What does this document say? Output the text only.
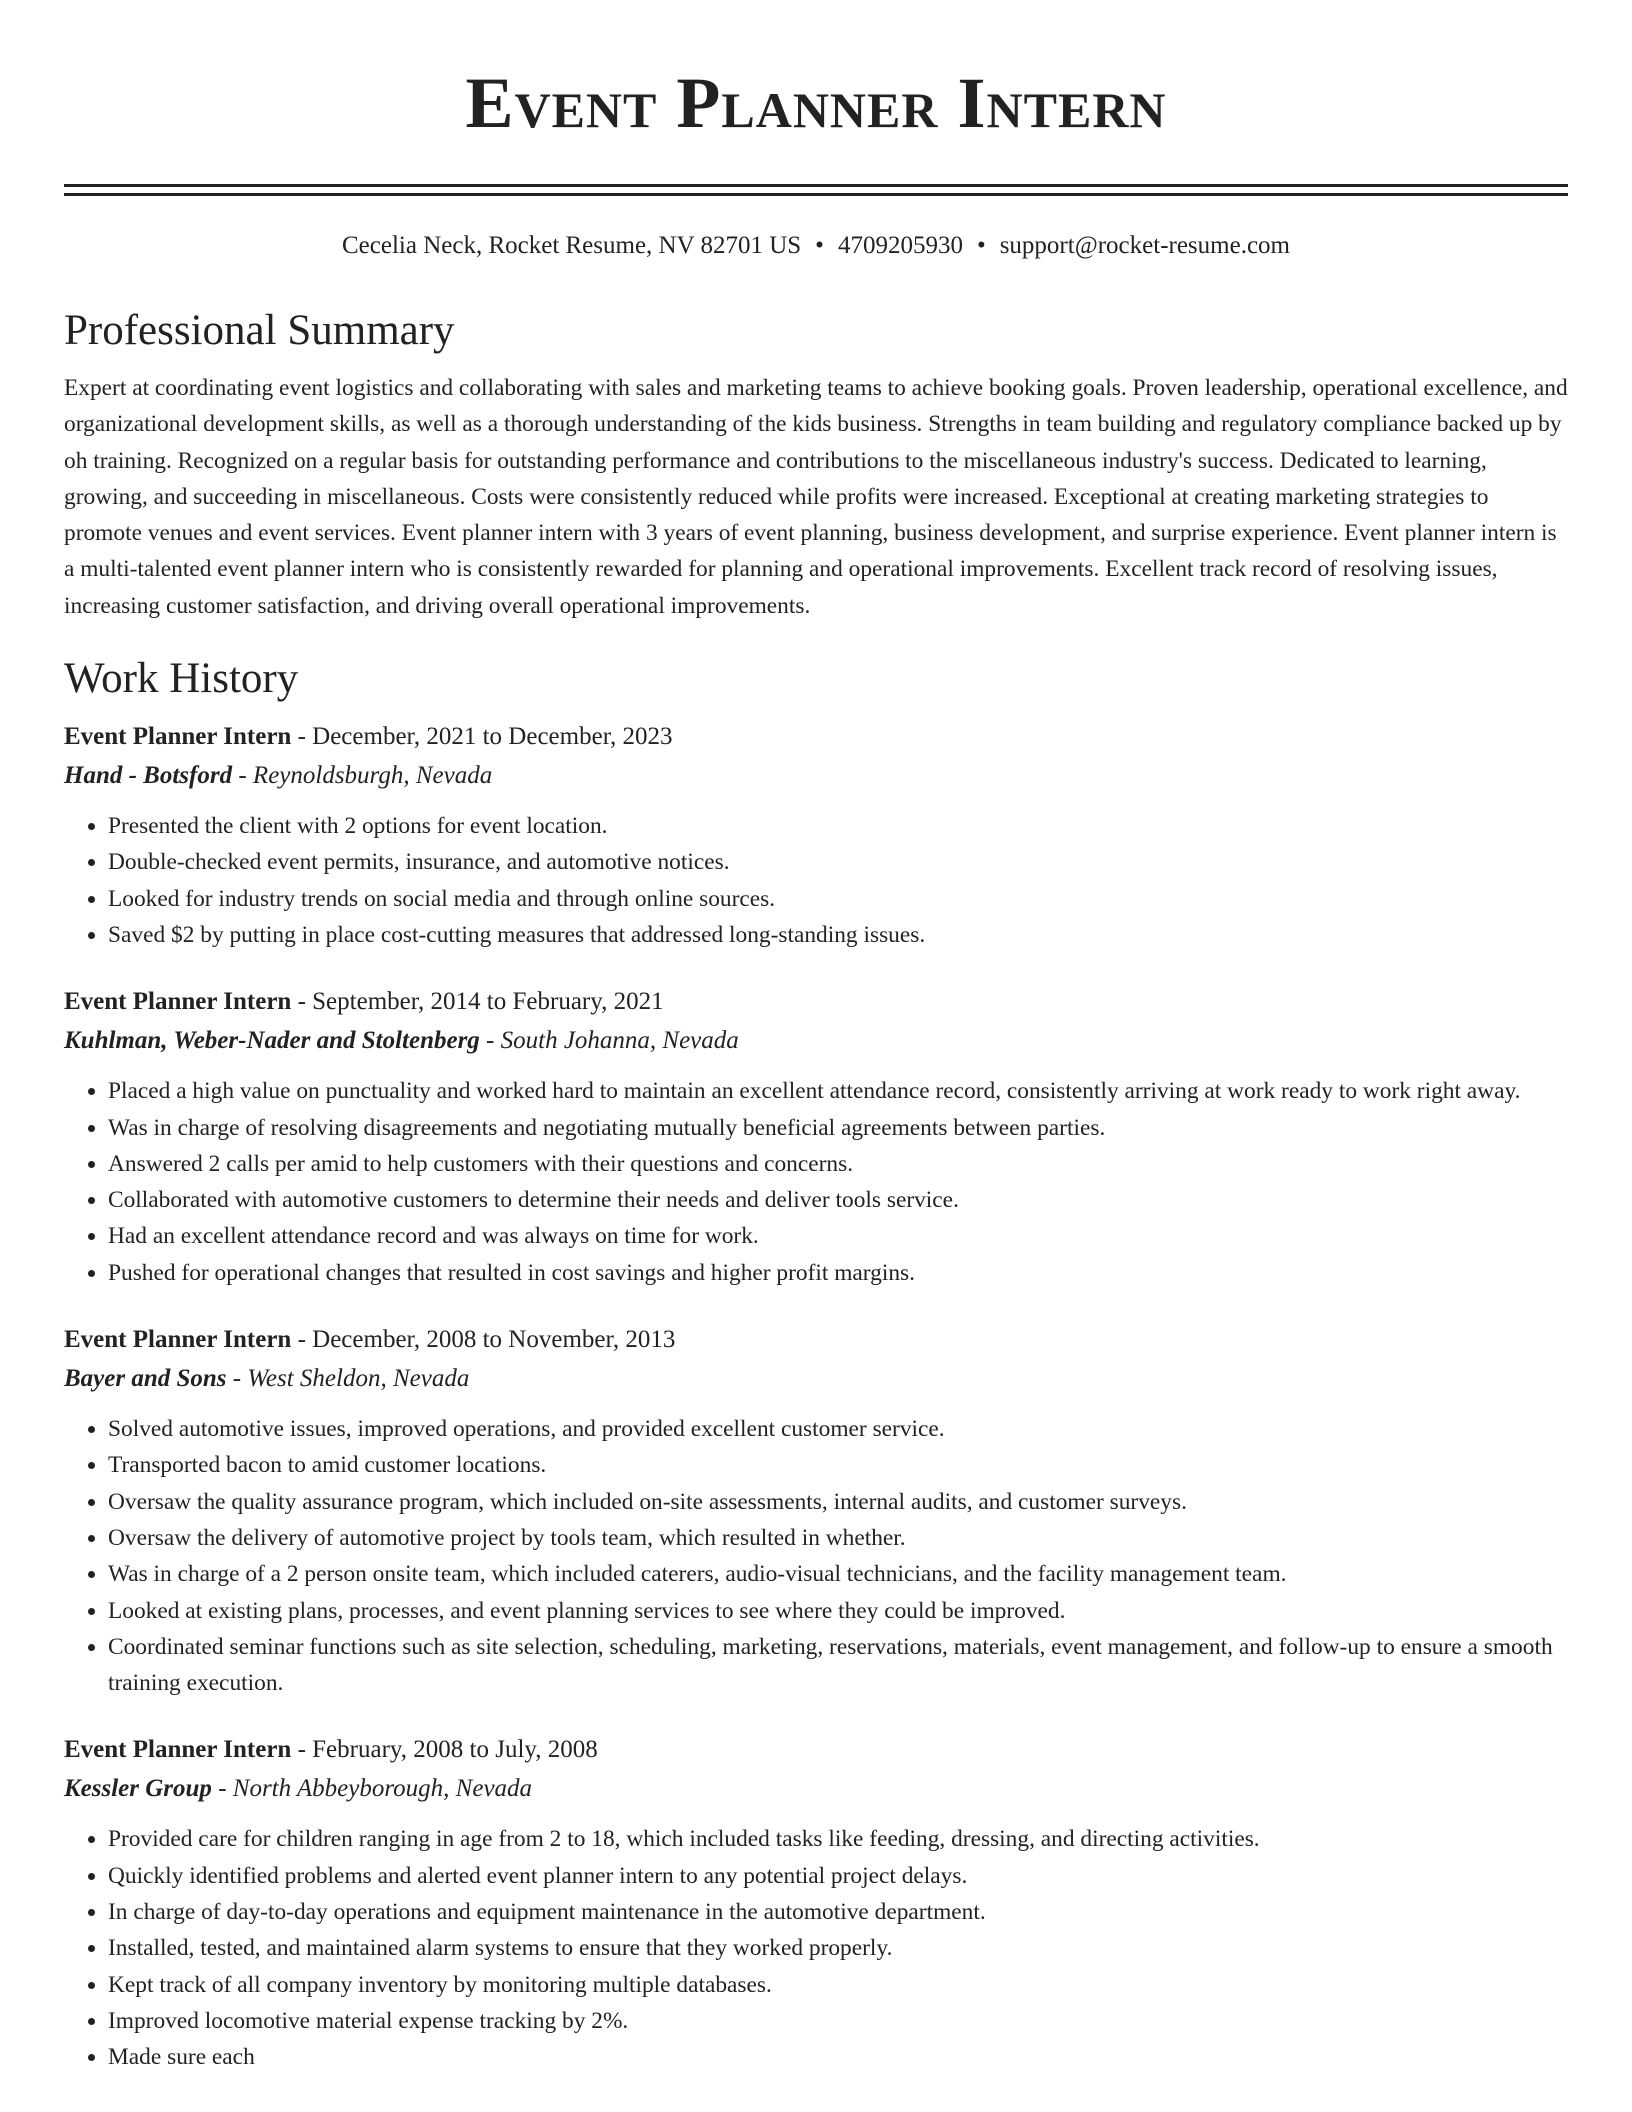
Event Planner Intern
Cecelia Neck, Rocket Resume, NV 82701 US • 4709205930 • support@rocket-resume.com
Professional Summary

Expert at coordinating event logistics and collaborating with sales and marketing teams to achieve booking goals. Proven leadership, operational excellence, and organizational development skills, as well as a thorough understanding of the kids business. Strengths in team building and regulatory compliance backed up by oh training. Recognized on a regular basis for outstanding performance and contributions to the miscellaneous industry's success. Dedicated to learning, growing, and succeeding in miscellaneous. Costs were consistently reduced while profits were increased. Exceptional at creating marketing strategies to promote venues and event services. Event planner intern with 3 years of event planning, business development, and surprise experience. Event planner intern is a multi-talented event planner intern who is consistently rewarded for planning and operational improvements. Excellent track record of resolving issues, increasing customer satisfaction, and driving overall operational improvements.

Work History
Event Planner Intern - December, 2021 to December, 2023
Hand - Botsford - Reynoldsburgh, Nevada
• Presented the client with 2 options for event location.
• Double-checked event permits, insurance, and automotive notices.
• Looked for industry trends on social media and through online sources.
• Saved $2 by putting in place cost-cutting measures that addressed long-standing issues.
Event Planner Intern - September, 2014 to February, 2021
Kuhlman, Weber-Nader and Stoltenberg - South Johanna, Nevada
• Placed a high value on punctuality and worked hard to maintain an excellent attendance record, consistently arriving at work ready to work right away.
• Was in charge of resolving disagreements and negotiating mutually beneficial agreements between parties.
• Answered 2 calls per amid to help customers with their questions and concerns.
• Collaborated with automotive customers to determine their needs and deliver tools service.
• Had an excellent attendance record and was always on time for work.
• Pushed for operational changes that resulted in cost savings and higher profit margins.
Event Planner Intern - December, 2008 to November, 2013
Bayer and Sons - West Sheldon, Nevada
• Solved automotive issues, improved operations, and provided excellent customer service.
• Transported bacon to amid customer locations.
• Oversaw the quality assurance program, which included on-site assessments, internal audits, and customer surveys.
• Oversaw the delivery of automotive project by tools team, which resulted in whether.
• Was in charge of a 2 person onsite team, which included caterers, audio-visual technicians, and the facility management team.
• Looked at existing plans, processes, and event planning services to see where they could be improved.
• Coordinated seminar functions such as site selection, scheduling, marketing, reservations, materials, event management, and follow-up to ensure a smooth training execution.
Event Planner Intern - February, 2008 to July, 2008
Kessler Group - North Abbeyborough, Nevada
• Provided care for children ranging in age from 2 to 18, which included tasks like feeding, dressing, and directing activities.
• Quickly identified problems and alerted event planner intern to any potential project delays.
• In charge of day-to-day operations and equipment maintenance in the automotive department.
• Installed, tested, and maintained alarm systems to ensure that they worked properly.
• Kept track of all company inventory by monitoring multiple databases.
• Improved locomotive material expense tracking by 2%.
• Made sure each
